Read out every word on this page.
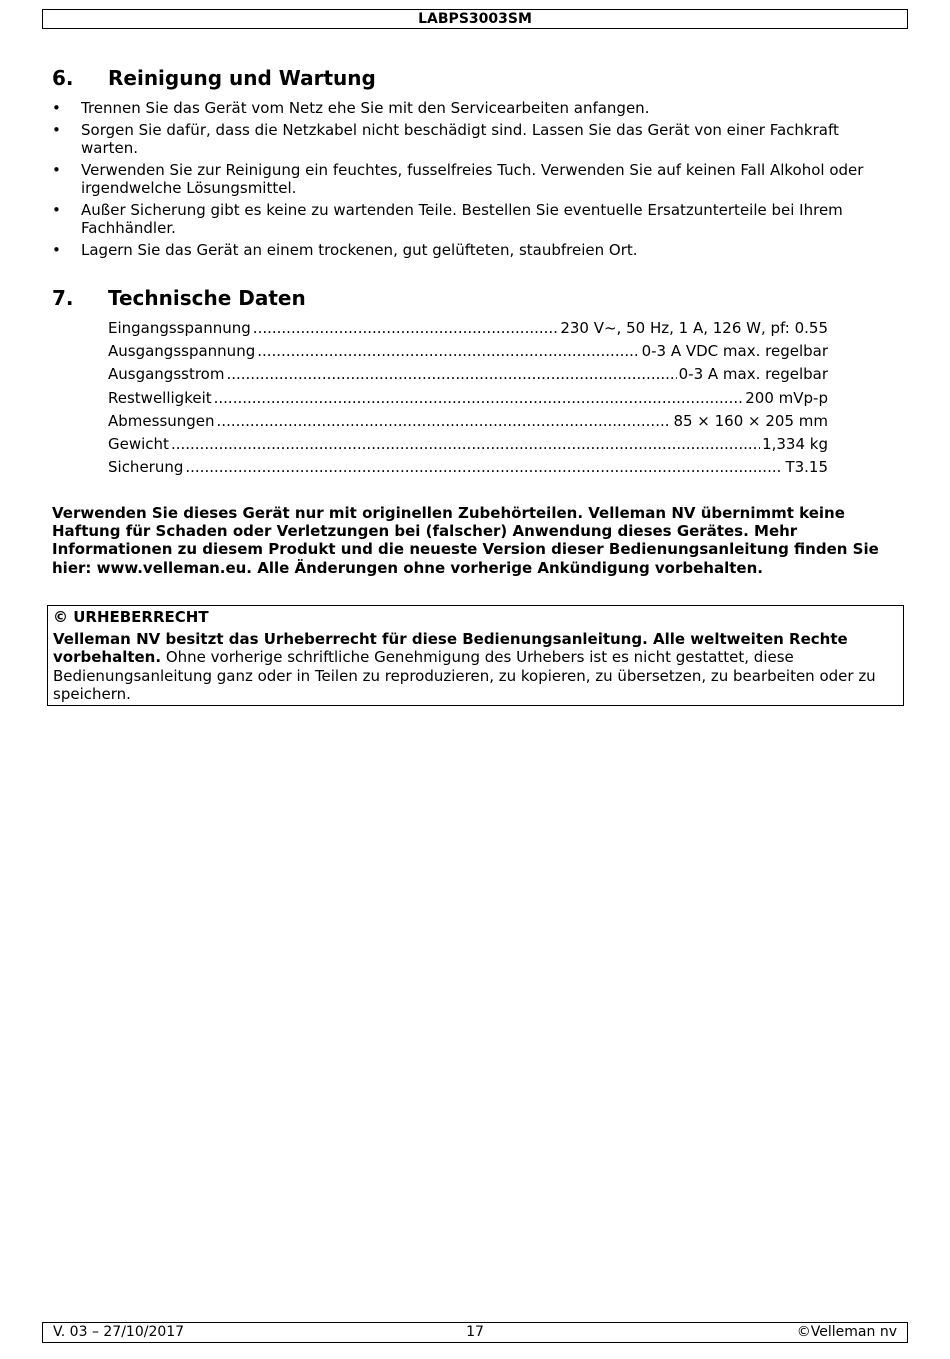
LABPS3003SM
6. Reinigung und Wartung
• Trennen Sie das Gerät vom Netz ehe Sie mit den Servicearbeiten anfangen.
• Sorgen Sie dafür, dass die Netzkabel nicht beschädigt sind. Lassen Sie das Gerät von einer Fachkraft warten.
• Verwenden Sie zur Reinigung ein feuchtes, fusselfreies Tuch. Verwenden Sie auf keinen Fall Alkohol oder irgendwelche Lösungsmittel.
• Außer Sicherung gibt es keine zu wartenden Teile. Bestellen Sie eventuelle Ersatzunterteile bei Ihrem Fachhändler.
• Lagern Sie das Gerät an einem trockenen, gut gelüfteten, staubfreien Ort.
7. Technische Daten
Eingangsspannung .....	230 V~, 50 Hz, 1 A, 126 W, pf: 0.55
Ausgangsspannung .....	0-3 A VDC max. regelbar
Ausgangsstrom .....	0-3 A max. regelbar
Restwelligkeit .....	200 mVp-p
Abmessungen .....	85 × 160 × 205 mm
Gewicht .....	1,334 kg
Sicherung .....	T3.15
Verwenden Sie dieses Gerät nur mit originellen Zubehörteilen. Velleman NV übernimmt keine Haftung für Schaden oder Verletzungen bei (falscher) Anwendung dieses Gerätes. Mehr Informationen zu diesem Produkt und die neueste Version dieser Bedienungsanleitung finden Sie hier: www.velleman.eu. Alle Änderungen ohne vorherige Ankündigung vorbehalten.
© URHEBERRECHT
Velleman NV besitzt das Urheberrecht für diese Bedienungsanleitung. Alle weltweiten Rechte vorbehalten. Ohne vorherige schriftliche Genehmigung des Urhebers ist es nicht gestattet, diese Bedienungsanleitung ganz oder in Teilen zu reproduzieren, zu kopieren, zu übersetzen, zu bearbeiten oder zu speichern.
V. 03 – 27/10/2017	17	©Velleman nv
